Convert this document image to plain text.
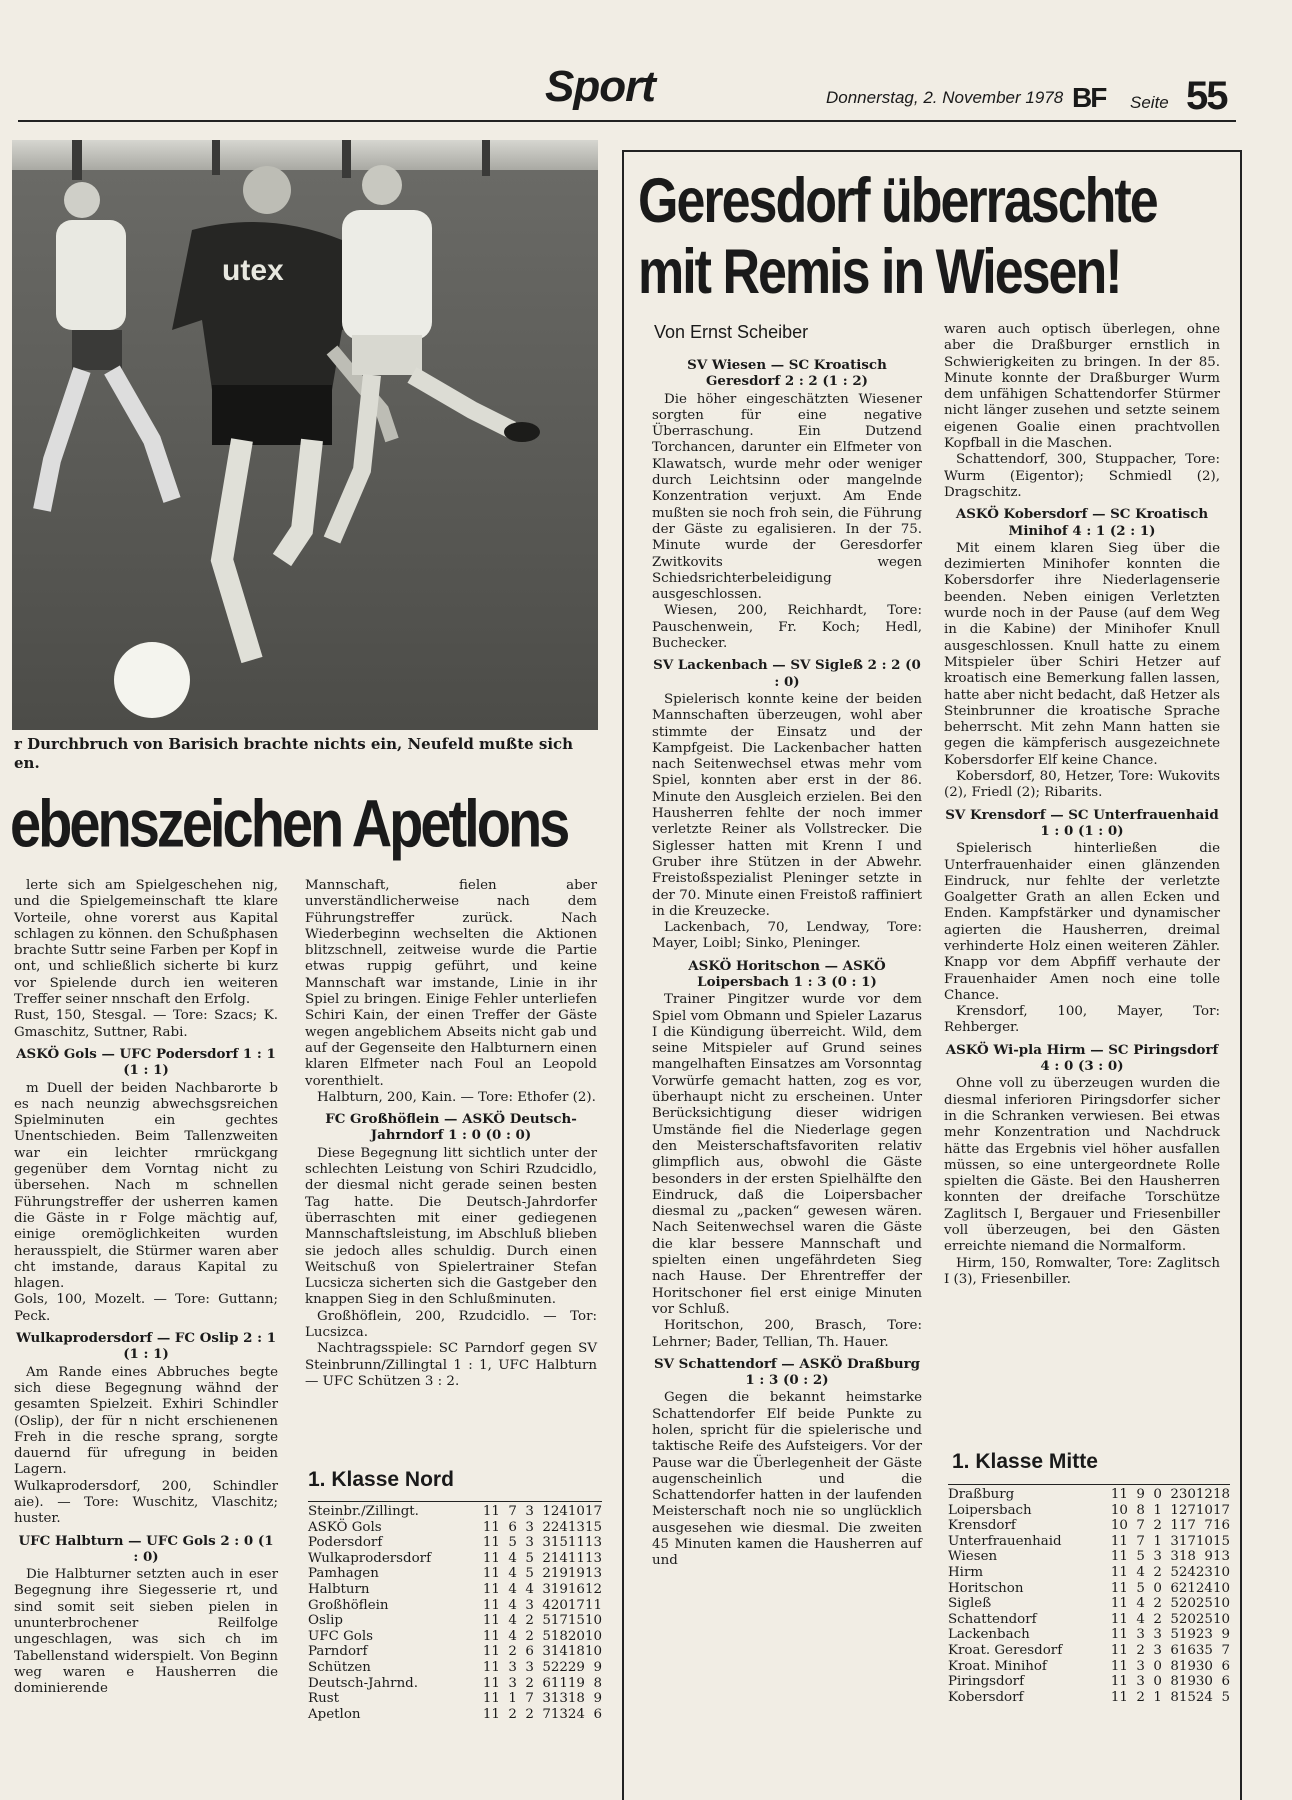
Sport	Donnerstag, 2. November 1978 BF Seite 55
utex
r Durchbruch von Barisich brachte nichts ein, Neufeld mußte sich
en.
ebenszeichen Apetlons

lerte sich am Spielgeschehen nig, und die Spielgemeinschaft tte klare Vorteile, ohne vorerst aus Kapital schlagen zu können. den Schußphasen brachte Suttr seine Farben per Kopf in ont, und schließlich sicherte bi kurz vor Spielende durch ien weiteren Treffer seiner nnschaft den Erfolg.

Rust, 150, Stesgal. — Tore: Szacs; K. Gmaschitz, Suttner, Rabi.

ASKÖ Gols — UFC Podersdorf 1 : 1 (1 : 1)

m Duell der beiden Nachbarorte b es nach neunzig abwechsgsreichen Spielminuten ein gechtes Unentschieden. Beim Tallenzweiten war ein leichter rmrückgang gegenüber dem Vorntag nicht zu übersehen. Nach m schnellen Führungstreffer der usherren kamen die Gäste in r Folge mächtig auf, einige oremöglichkeiten wurden herausspielt, die Stürmer waren aber cht imstande, daraus Kapital zu hlagen.

Gols, 100, Mozelt. — Tore: Guttann; Peck.

Wulkaprodersdorf — FC Oslip 2 : 1 (1 : 1)

Am Rande eines Abbruches begte sich diese Begegnung wähnd der gesamten Spielzeit. Exhiri Schindler (Oslip), der für n nicht erschienenen Freh in die resche sprang, sorgte dauernd für ufregung in beiden Lagern.

Wulkaprodersdorf, 200, Schindler aie). — Tore: Wuschitz, Vlaschitz; huster.

UFC Halbturn — UFC Gols 2 : 0 (1 : 0)

Die Halbturner setzten auch in eser Begegnung ihre Siegesserie rt, und sind somit seit sieben pielen in ununterbrochener Reilfolge ungeschlagen, was sich ch im Tabellenstand widerspielt. Von Beginn weg waren e Hausherren die dominierende

Mannschaft, fielen aber unverständlicherweise nach dem Führungstreffer zurück. Nach Wiederbeginn wechselten die Aktionen blitzschnell, zeitweise wurde die Partie etwas ruppig geführt, und keine Mannschaft war imstande, Linie in ihr Spiel zu bringen. Einige Fehler unterliefen Schiri Kain, der einen Treffer der Gäste wegen angeblichem Abseits nicht gab und auf der Gegenseite den Halbturnern einen klaren Elfmeter nach Foul an Leopold vorenthielt.

Halbturn, 200, Kain. — Tore: Ethofer (2).

FC Großhöflein — ASKÖ Deutsch-Jahrndorf 1 : 0 (0 : 0)

Diese Begegnung litt sichtlich unter der schlechten Leistung von Schiri Rzudcidlo, der diesmal nicht gerade seinen besten Tag hatte. Die Deutsch-Jahrdorfer überraschten mit einer gediegenen Mannschaftsleistung, im Abschluß blieben sie jedoch alles schuldig. Durch einen Weitschuß von Spielertrainer Stefan Lucsicza sicherten sich die Gastgeber den knappen Sieg in den Schlußminuten.

Großhöflein, 200, Rzudcidlo. — Tor: Lucsizca.

Nachtragsspiele: SC Parndorf gegen SV Steinbrunn/Zillingtal 1 : 1, UFC Halbturn — UFC Schützen 3 : 2.

1. Klasse Nord
Steinbr./Zillingt.	11	7	3	1	24	10	17
ASKÖ Gols	11	6	3	2	24	13	15
Podersdorf	11	5	3	3	15	11	13
Wulkaprodersdorf	11	4	5	2	14	11	13
Pamhagen	11	4	5	2	19	19	13
Halbturn	11	4	4	3	19	16	12
Großhöflein	11	4	3	4	20	17	11
Oslip	11	4	2	5	17	15	10
UFC Gols	11	4	2	5	18	20	10
Parndorf	11	2	6	3	14	18	10
Schützen	11	3	3	5	22	29	9
Deutsch-Jahrnd.	11	3	2	6	11	19	8
Rust	11	1	7	3	13	18	9
Apetlon	11	2	2	7	13	24	6
Geresdorf überraschte
mit Remis in Wiesen!
Von Ernst Scheiber

SV Wiesen — SC Kroatisch Geresdorf 2 : 2 (1 : 2)

Die höher eingeschätzten Wiesener sorgten für eine negative Überraschung. Ein Dutzend Torchancen, darunter ein Elfmeter von Klawatsch, wurde mehr oder weniger durch Leichtsinn oder mangelnde Konzentration verjuxt. Am Ende mußten sie noch froh sein, die Führung der Gäste zu egalisieren. In der 75. Minute wurde der Geresdorfer Zwitkovits wegen Schiedsrichterbeleidigung ausgeschlossen.

Wiesen, 200, Reichhardt, Tore: Pauschenwein, Fr. Koch; Hedl, Buchecker.

SV Lackenbach — SV Sigleß 2 : 2 (0 : 0)

Spielerisch konnte keine der beiden Mannschaften überzeugen, wohl aber stimmte der Einsatz und der Kampfgeist. Die Lackenbacher hatten nach Seitenwechsel etwas mehr vom Spiel, konnten aber erst in der 86. Minute den Ausgleich erzielen. Bei den Hausherren fehlte der noch immer verletzte Reiner als Vollstrecker. Die Siglesser hatten mit Krenn I und Gruber ihre Stützen in der Abwehr. Freistoßspezialist Pleninger setzte in der 70. Minute einen Freistoß raffiniert in die Kreuzecke.

Lackenbach, 70, Lendway, Tore: Mayer, Loibl; Sinko, Pleninger.

ASKÖ Horitschon — ASKÖ Loipersbach 1 : 3 (0 : 1)

Trainer Pingitzer wurde vor dem Spiel vom Obmann und Spieler Lazarus I die Kündigung überreicht. Wild, dem seine Mitspieler auf Grund seines mangelhaften Einsatzes am Vorsonntag Vorwürfe gemacht hatten, zog es vor, überhaupt nicht zu erscheinen. Unter Berücksichtigung dieser widrigen Umstände fiel die Niederlage gegen den Meisterschaftsfavoriten relativ glimpflich aus, obwohl die Gäste besonders in der ersten Spielhälfte den Eindruck, daß die Loipersbacher diesmal zu „packen“ gewesen wären. Nach Seitenwechsel waren die Gäste die klar bessere Mannschaft und spielten einen ungefährdeten Sieg nach Hause. Der Ehrentreffer der Horitschoner fiel erst einige Minuten vor Schluß.

Horitschon, 200, Brasch, Tore: Lehrner; Bader, Tellian, Th. Hauer.

SV Schattendorf — ASKÖ Draßburg 1 : 3 (0 : 2)

Gegen die bekannt heimstarke Schattendorfer Elf beide Punkte zu holen, spricht für die spielerische und taktische Reife des Aufsteigers. Vor der Pause war die Überlegenheit der Gäste augenscheinlich und die Schattendorfer hatten in der laufenden Meisterschaft noch nie so unglücklich ausgesehen wie diesmal. Die zweiten 45 Minuten kamen die Hausherren auf und

waren auch optisch überlegen, ohne aber die Draßburger ernstlich in Schwierigkeiten zu bringen. In der 85. Minute konnte der Draßburger Wurm dem unfähigen Schattendorfer Stürmer nicht länger zusehen und setzte seinem eigenen Goalie einen prachtvollen Kopfball in die Maschen.

Schattendorf, 300, Stuppacher, Tore: Wurm (Eigentor); Schmiedl (2), Dragschitz.

ASKÖ Kobersdorf — SC Kroatisch Minihof 4 : 1 (2 : 1)

Mit einem klaren Sieg über die dezimierten Minihofer konnten die Kobersdorfer ihre Niederlagenserie beenden. Neben einigen Verletzten wurde noch in der Pause (auf dem Weg in die Kabine) der Minihofer Knull ausgeschlossen. Knull hatte zu einem Mitspieler über Schiri Hetzer auf kroatisch eine Bemerkung fallen lassen, hatte aber nicht bedacht, daß Hetzer als Steinbrunner die kroatische Sprache beherrscht. Mit zehn Mann hatten sie gegen die kämpferisch ausgezeichnete Kobersdorfer Elf keine Chance.

Kobersdorf, 80, Hetzer, Tore: Wukovits (2), Friedl (2); Ribarits.

SV Krensdorf — SC Unterfrauenhaid 1 : 0 (1 : 0)

Spielerisch hinterließen die Unterfrauenhaider einen glänzenden Eindruck, nur fehlte der verletzte Goalgetter Grath an allen Ecken und Enden. Kampfstärker und dynamischer agierten die Hausherren, dreimal verhinderte Holz einen weiteren Zähler. Knapp vor dem Abpfiff verhaute der Frauenhaider Amen noch eine tolle Chance.

Krensdorf, 100, Mayer, Tor: Rehberger.

ASKÖ Wi-pla Hirm — SC Piringsdorf 4 : 0 (3 : 0)

Ohne voll zu überzeugen wurden die diesmal inferioren Piringsdorfer sicher in die Schranken verwiesen. Bei etwas mehr Konzentration und Nachdruck hätte das Ergebnis viel höher ausfallen müssen, so eine untergeordnete Rolle spielten die Gäste. Bei den Hausherren konnten der dreifache Torschütze Zaglitsch I, Bergauer und Friesenbiller voll überzeugen, bei den Gästen erreichte niemand die Normalform.

Hirm, 150, Romwalter, Tore: Zaglitsch I (3), Friesenbiller.

1. Klasse Mitte
Draßburg	11	9	0	2	30	12	18
Loipersbach	10	8	1	1	27	10	17
Krensdorf	10	7	2	1	17	7	16
Unterfrauenhaid	11	7	1	3	17	10	15
Wiesen	11	5	3	3	18	9	13
Hirm	11	4	2	5	24	23	10
Horitschon	11	5	0	6	21	24	10
Sigleß	11	4	2	5	20	25	10
Schattendorf	11	4	2	5	20	25	10
Lackenbach	11	3	3	5	19	23	9
Kroat. Geresdorf	11	2	3	6	16	35	7
Kroat. Minihof	11	3	0	8	19	30	6
Piringsdorf	11	3	0	8	19	30	6
Kobersdorf	11	2	1	8	15	24	5
